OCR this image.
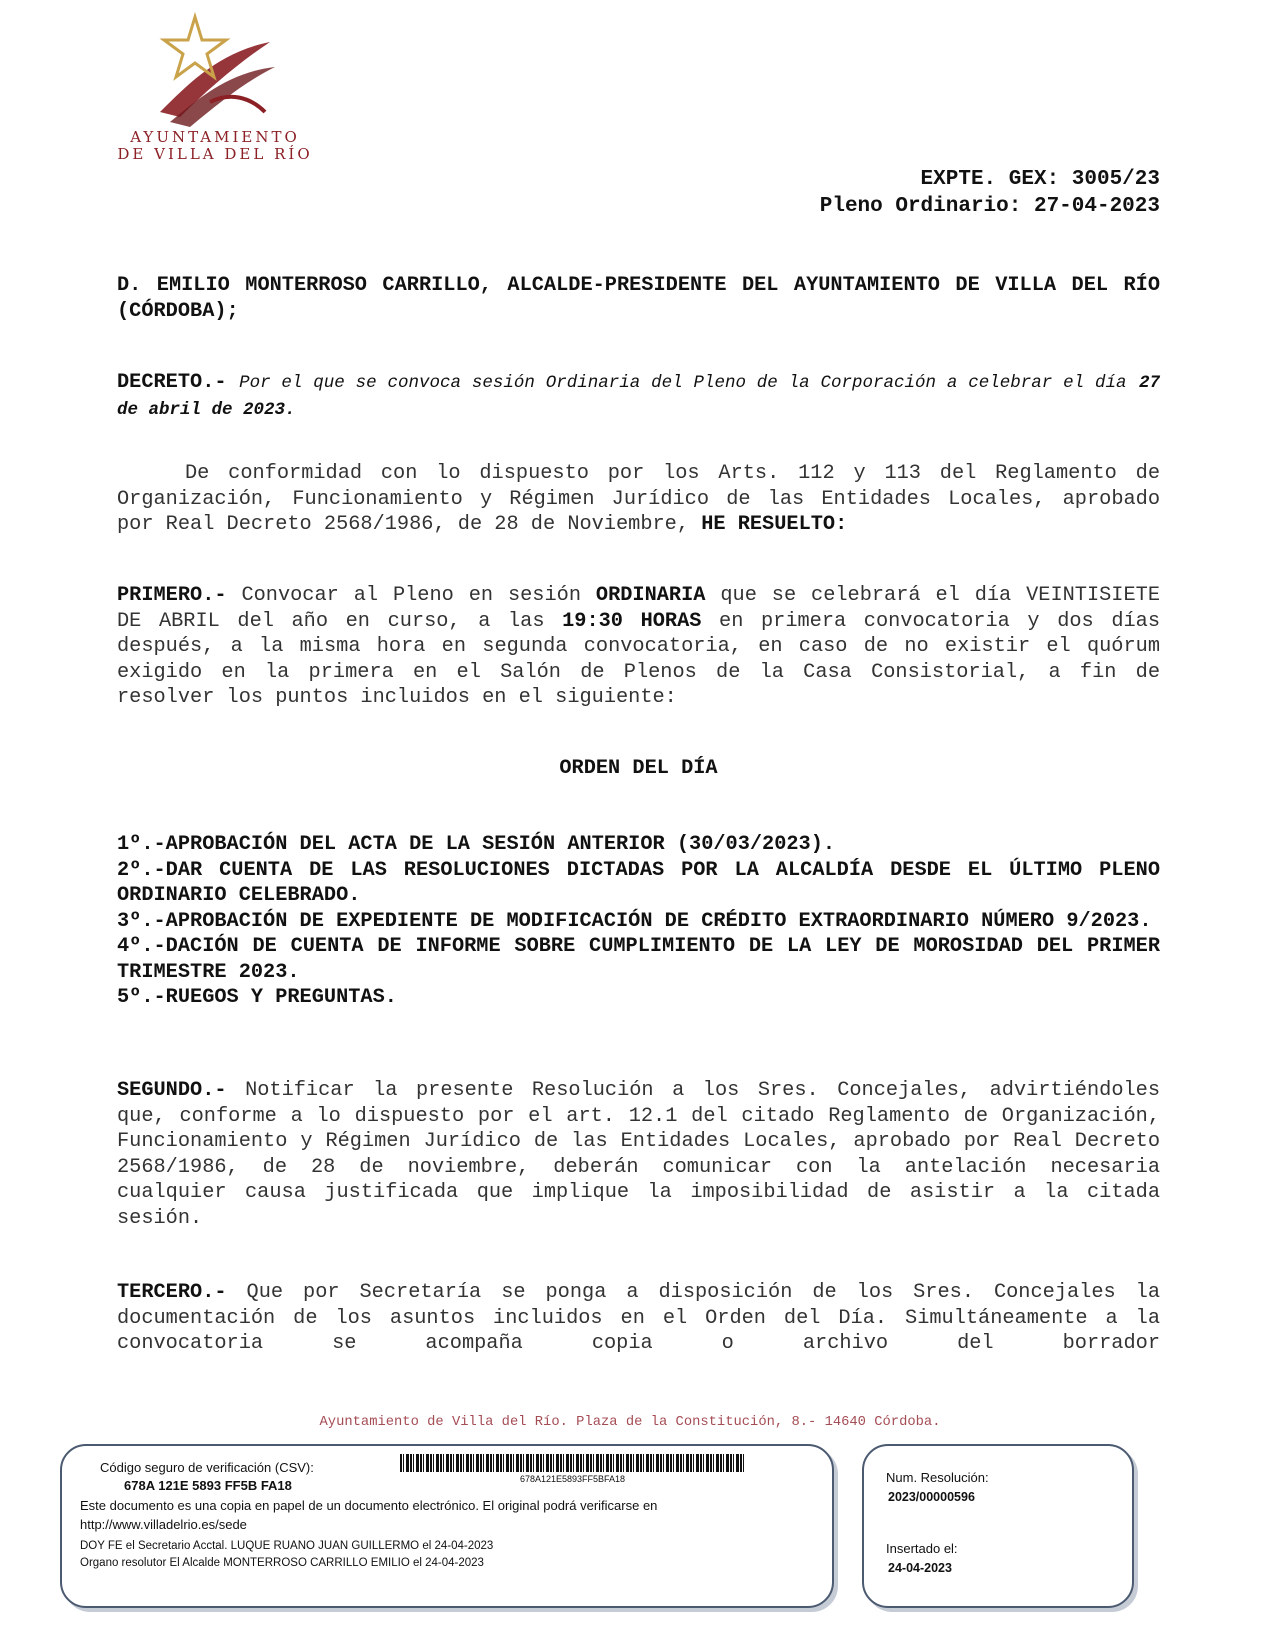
AYUNTAMIENTO
DE VILLA DEL RÍO
EXPTE. GEX: 3005/23
Pleno Ordinario: 27-04-2023
D. EMILIO MONTERROSO CARRILLO, ALCALDE-PRESIDENTE DEL AYUNTAMIENTO DE VILLA DEL RÍO (CÓRDOBA);
DECRETO.- Por el que se convoca sesión Ordinaria del Pleno de la Corporación a celebrar el día 27 de abril de 2023.
De conformidad con lo dispuesto por los Arts. 112 y 113 del Reglamento de Organización, Funcionamiento y Régimen Jurídico de las Entidades Locales, aprobado por Real Decreto 2568/1986, de 28 de Noviembre, HE RESUELTO:
PRIMERO.- Convocar al Pleno en sesión ORDINARIA que se celebrará el día VEINTISIETE DE ABRIL del año en curso, a las 19:30 HORAS en primera convocatoria y dos días después, a la misma hora en segunda convocatoria, en caso de no existir el quórum exigido en la primera en el Salón de Plenos de la Casa Consistorial, a fin de resolver los puntos incluidos en el siguiente:
ORDEN DEL DÍA
1º.-APROBACIÓN DEL ACTA DE LA SESIÓN ANTERIOR (30/03/2023).
2º.-DAR CUENTA DE LAS RESOLUCIONES DICTADAS POR LA ALCALDÍA DESDE EL ÚLTIMO PLENO ORDINARIO CELEBRADO.
3º.-APROBACIÓN DE EXPEDIENTE DE MODIFICACIÓN DE CRÉDITO EXTRAORDINARIO NÚMERO 9/2023.
4º.-DACIÓN DE CUENTA DE INFORME SOBRE CUMPLIMIENTO DE LA LEY DE MOROSIDAD DEL PRIMER TRIMESTRE 2023.
5º.-RUEGOS Y PREGUNTAS.
SEGUNDO.- Notificar la presente Resolución a los Sres. Concejales, advirtiéndoles que, conforme a lo dispuesto por el art. 12.1 del citado Reglamento de Organización, Funcionamiento y Régimen Jurídico de las Entidades Locales, aprobado por Real Decreto 2568/1986, de 28 de noviembre, deberán comunicar con la antelación necesaria cualquier causa justificada que implique la imposibilidad de asistir a la citada sesión.
TERCERO.- Que por Secretaría se ponga a disposición de los Sres. Concejales la documentación de los asuntos incluidos en el Orden del Día. Simultáneamente a la convocatoria se acompaña copia o archivo del borrador
Ayuntamiento de Villa del Río. Plaza de la Constitución, 8.- 14640 Córdoba.
Código seguro de verificación (CSV):
678A 121E 5893 FF5B FA18	678A121E5893FF5BFA18
Este documento es una copia en papel de un documento electrónico. El original podrá verificarse en
http://www.villadelrio.es/sede
DOY FE el Secretario Acctal. LUQUE RUANO JUAN GUILLERMO el 24-04-2023
Organo resolutor El Alcalde MONTERROSO CARRILLO EMILIO el 24-04-2023
Num. Resolución:
2023/00000596
Insertado el:
24-04-2023
